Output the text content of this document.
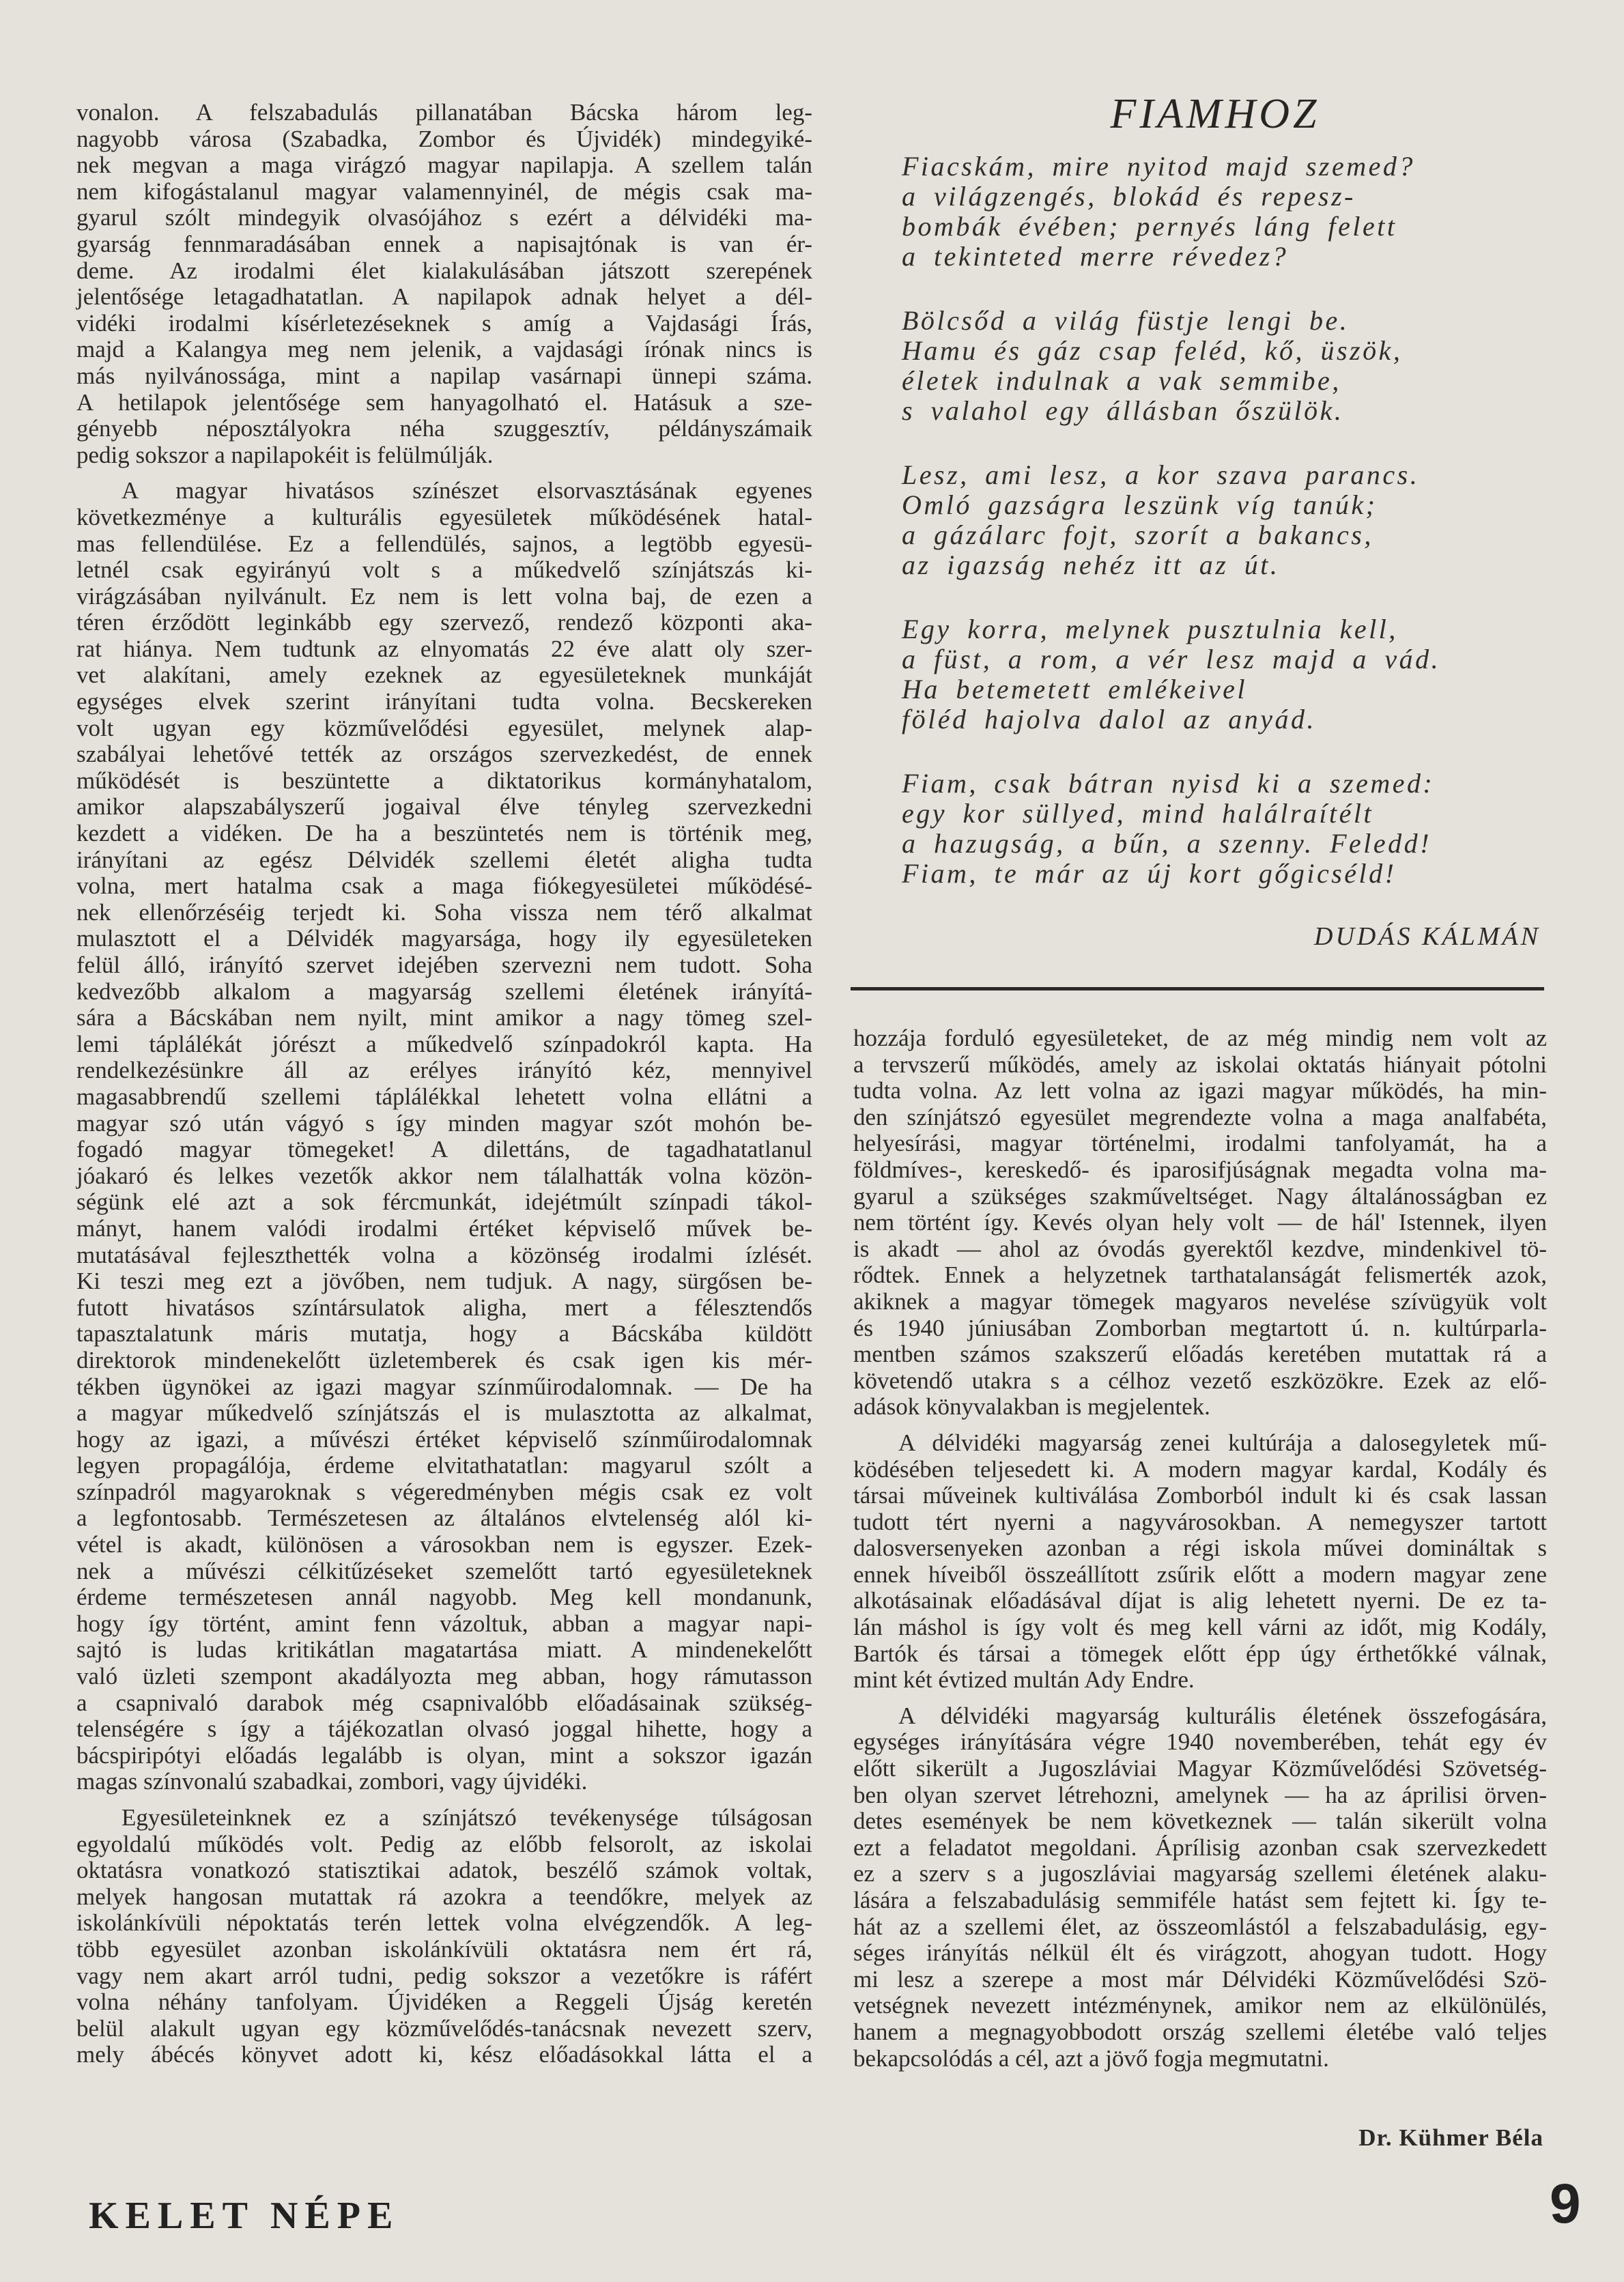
vonalon. A felszabadulás pillanatában Bácska három leg-
nagyobb városa (Szabadka, Zombor és Újvidék) mindegyiké-
nek megvan a maga virágzó magyar napilapja. A szellem talán
nem kifogástalanul magyar valamennyinél, de mégis csak ma-
gyarul szólt mindegyik olvasójához s ezért a délvidéki ma-
gyarság fennmaradásában ennek a napisajtónak is van ér-
deme. Az irodalmi élet kialakulásában játszott szerepének
jelentősége letagadhatatlan. A napilapok adnak helyet a dél-
vidéki irodalmi kísérletezéseknek s amíg a Vajdasági Írás,
majd a Kalangya meg nem jelenik, a vajdasági írónak nincs is
más nyilvánossága, mint a napilap vasárnapi ünnepi száma.
A hetilapok jelentősége sem hanyagolható el. Hatásuk a sze-
gényebb néposztályokra néha szuggesztív, példányszámaik
pedig sokszor a napilapokéit is felülmúlják.
A magyar hivatásos színészet elsorvasztásának egyenes
következménye a kulturális egyesületek működésének hatal-
mas fellendülése. Ez a fellendülés, sajnos, a legtöbb egyesü-
letnél csak egyirányú volt s a műkedvelő színjátszás ki-
virágzásában nyilvánult. Ez nem is lett volna baj, de ezen a
téren érződött leginkább egy szervező, rendező központi aka-
rat hiánya. Nem tudtunk az elnyomatás 22 éve alatt oly szer-
vet alakítani, amely ezeknek az egyesületeknek munkáját
egységes elvek szerint irányítani tudta volna. Becskereken
volt ugyan egy közművelődési egyesület, melynek alap-
szabályai lehetővé tették az országos szervezkedést, de ennek
működését is beszüntette a diktatorikus kormányhatalom,
amikor alapszabályszerű jogaival élve tényleg szervezkedni
kezdett a vidéken. De ha a beszüntetés nem is történik meg,
irányítani az egész Délvidék szellemi életét aligha tudta
volna, mert hatalma csak a maga fiókegyesületei működésé-
nek ellenőrzéséig terjedt ki. Soha vissza nem térő alkalmat
mulasztott el a Délvidék magyarsága, hogy ily egyesületeken
felül álló, irányító szervet idejében szervezni nem tudott. Soha
kedvezőbb alkalom a magyarság szellemi életének irányítá-
sára a Bácskában nem nyilt, mint amikor a nagy tömeg szel-
lemi táplálékát jórészt a műkedvelő színpadokról kapta. Ha
rendelkezésünkre áll az erélyes irányító kéz, mennyivel
magasabbrendű szellemi táplálékkal lehetett volna ellátni a
magyar szó után vágyó s így minden magyar szót mohón be-
fogadó magyar tömegeket! A dilettáns, de tagadhatatlanul
jóakaró és lelkes vezetők akkor nem tálalhatták volna közön-
ségünk elé azt a sok fércmunkát, idejétmúlt színpadi tákol-
mányt, hanem valódi irodalmi értéket képviselő művek be-
mutatásával fejleszthették volna a közönség irodalmi ízlését.
Ki teszi meg ezt a jövőben, nem tudjuk. A nagy, sürgősen be-
futott hivatásos színtársulatok aligha, mert a félesztendős
tapasztalatunk máris mutatja, hogy a Bácskába küldött
direktorok mindenekelőtt üzletemberek és csak igen kis mér-
tékben ügynökei az igazi magyar színműirodalomnak. — De ha
a magyar műkedvelő színjátszás el is mulasztotta az alkalmat,
hogy az igazi, a művészi értéket képviselő színműirodalomnak
legyen propagálója, érdeme elvitathatatlan: magyarul szólt a
színpadról magyaroknak s végeredményben mégis csak ez volt
a legfontosabb. Természetesen az általános elvtelenség alól ki-
vétel is akadt, különösen a városokban nem is egyszer. Ezek-
nek a művészi célkitűzéseket szemelőtt tartó egyesületeknek
érdeme természetesen annál nagyobb. Meg kell mondanunk,
hogy így történt, amint fenn vázoltuk, abban a magyar napi-
sajtó is ludas kritikátlan magatartása miatt. A mindenekelőtt
való üzleti szempont akadályozta meg abban, hogy rámutasson
a csapnivaló darabok még csapnivalóbb előadásainak szükség-
telenségére s így a tájékozatlan olvasó joggal hihette, hogy a
bácspiripótyi előadás legalább is olyan, mint a sokszor igazán
magas színvonalú szabadkai, zombori, vagy újvidéki.
Egyesületeinknek ez a színjátszó tevékenysége túlságosan
egyoldalú működés volt. Pedig az előbb felsorolt, az iskolai
oktatásra vonatkozó statisztikai adatok, beszélő számok voltak,
melyek hangosan mutattak rá azokra a teendőkre, melyek az
iskolánkívüli népoktatás terén lettek volna elvégzendők. A leg-
több egyesület azonban iskolánkívüli oktatásra nem ért rá,
vagy nem akart arról tudni, pedig sokszor a vezetőkre is ráfért
volna néhány tanfolyam. Újvidéken a Reggeli Újság keretén
belül alakult ugyan egy közművelődés-tanácsnak nevezett szerv,
mely ábécés könyvet adott ki, kész előadásokkal látta el a
FIAMHOZ
Fiacskám, mire nyitod majd szemed?
a világzengés, blokád és repesz-
bombák évében; pernyés láng felett
a tekinteted merre révedez?
Bölcsőd a világ füstje lengi be.
Hamu és gáz csap feléd, kő, üszök,
életek indulnak a vak semmibe,
s valahol egy állásban őszülök.
Lesz, ami lesz, a kor szava parancs.
Omló gazságra leszünk víg tanúk;
a gázálarc fojt, szorít a bakancs,
az igazság nehéz itt az út.
Egy korra, melynek pusztulnia kell,
a füst, a rom, a vér lesz majd a vád.
Ha betemetett emlékeivel
föléd hajolva dalol az anyád.
Fiam, csak bátran nyisd ki a szemed:
egy kor süllyed, mind halálraítélt
a hazugság, a bűn, a szenny. Feledd!
Fiam, te már az új kort gőgicséld!
DUDÁS KÁLMÁN
hozzája forduló egyesületeket, de az még mindig nem volt az
a tervszerű működés, amely az iskolai oktatás hiányait pótolni
tudta volna. Az lett volna az igazi magyar működés, ha min-
den színjátszó egyesület megrendezte volna a maga analfabéta,
helyesírási, magyar történelmi, irodalmi tanfolyamát, ha a
földmíves-, kereskedő- és iparosifjúságnak megadta volna ma-
gyarul a szükséges szakműveltséget. Nagy általánosságban ez
nem történt így. Kevés olyan hely volt — de hál' Istennek, ilyen
is akadt — ahol az óvodás gyerektől kezdve, mindenkivel tö-
rődtek. Ennek a helyzetnek tarthatalanságát felismerték azok,
akiknek a magyar tömegek magyaros nevelése szívügyük volt
és 1940 júniusában Zomborban megtartott ú. n. kultúrparla-
mentben számos szakszerű előadás keretében mutattak rá a
követendő utakra s a célhoz vezető eszközökre. Ezek az elő-
adások könyvalakban is megjelentek.
A délvidéki magyarság zenei kultúrája a dalosegyletek mű-
ködésében teljesedett ki. A modern magyar kardal, Kodály és
társai műveinek kultiválása Zomborból indult ki és csak lassan
tudott tért nyerni a nagyvárosokban. A nemegyszer tartott
dalosversenyeken azonban a régi iskola művei domináltak s
ennek híveiből összeállított zsűrik előtt a modern magyar zene
alkotásainak előadásával díjat is alig lehetett nyerni. De ez ta-
lán máshol is így volt és meg kell várni az időt, mig Kodály,
Bartók és társai a tömegek előtt épp úgy érthetőkké válnak,
mint két évtized multán Ady Endre.
A délvidéki magyarság kulturális életének összefogására,
egységes irányítására végre 1940 novemberében, tehát egy év
előtt sikerült a Jugoszláviai Magyar Közművelődési Szövetség-
ben olyan szervet létrehozni, amelynek — ha az áprilisi örven-
detes események be nem következnek — talán sikerült volna
ezt a feladatot megoldani. Áprílisig azonban csak szervezkedett
ez a szerv s a jugoszláviai magyarság szellemi életének alaku-
lására a felszabadulásig semmiféle hatást sem fejtett ki. Így te-
hát az a szellemi élet, az összeomlástól a felszabadulásig, egy-
séges irányítás nélkül élt és virágzott, ahogyan tudott. Hogy
mi lesz a szerepe a most már Délvidéki Közművelődési Szö-
vetségnek nevezett intézménynek, amikor nem az elkülönülés,
hanem a megnagyobbodott ország szellemi életébe való teljes
bekapcsolódás a cél, azt a jövő fogja megmutatni.
Dr. Kühmer Béla
KELET NÉPE	9
